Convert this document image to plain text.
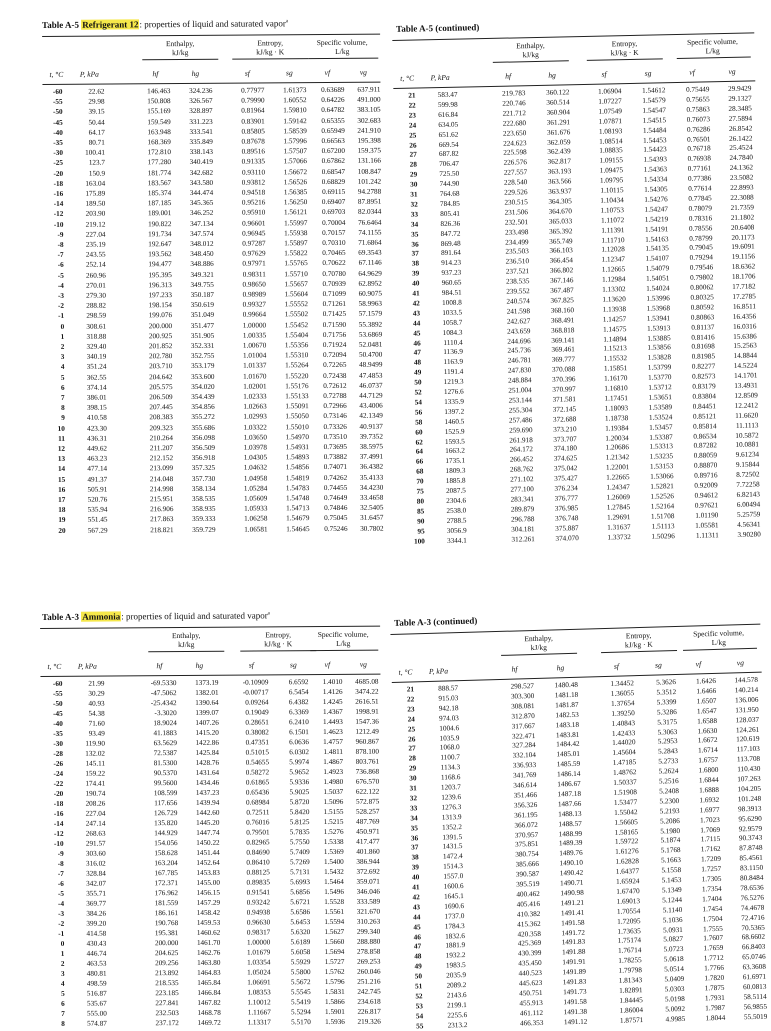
Table A-5 Refrigerant 12: properties of liquid and saturated vapor$^a$
Enthalpy,
kJ/kg
Entropy,
kJ/kg · K
Specific volume,
L/kg
t, °C	P, kPa	hf	hg	sf	sg	vf	vg
-60	22.62	146.463	324.236	0.77977	1.61373	0.63689	637.911
-55	29.98	150.808	326.567	0.79990	1.60552	0.64226	491.000
-50	39.15	155.169	328.897	0.81964	1.59810	0.64782	383.105
-45	50.44	159.549	331.223	0.83901	1.59142	0.65355	302.683
-40	64.17	163.948	333.541	0.85805	1.58539	0.65949	241.910
-35	80.71	168.369	335.849	0.87678	1.57996	0.66563	195.398
-30	100.41	172.810	338.143	0.89516	1.57507	0.67200	159.375
-25	123.7	177.280	340.419	0.91335	1.57066	0.67862	131.166
-20	150.9	181.774	342.682	0.93110	1.56672	0.68547	108.847
-18	163.04	183.567	343.580	0.93812	1.56526	0.68829	101.242
-16	175.89	185.374	344.474	0.94518	1.56385	0.69115	94.2788
-14	189.50	187.185	345.365	0.95216	1.56250	0.69407	87.8951
-12	203.90	189.001	346.252	0.95910	1.56121	0.69703	82.0344
-10	219.12	190.822	347.134	0.96601	1.55997	0.70004	76.6464
-9	227.04	191.734	347.574	0.96945	1.55938	0.70157	74.1155
-8	235.19	192.647	348.012	0.97287	1.55897	0.70310	71.6864
-7	243.55	193.562	348.450	0.97629	1.55822	0.70465	69.3543
-6	252.14	194.477	348.886	0.97971	1.55765	0.70622	67.1146
-5	260.96	195.395	349.321	0.98311	1.55710	0.70780	64.9629
-4	270.01	196.313	349.755	0.98650	1.55657	0.70939	62.8952
-3	279.30	197.233	350.187	0.98989	1.55604	0.71099	60.9075
-2	288.82	198.154	350.619	0.99327	1.55552	0.71261	58.9963
-1	298.59	199.076	351.049	0.99664	1.55502	0.71425	57.1579
0	308.61	200.000	351.477	1.00000	1.55452	0.71590	55.3892
1	318.88	200.925	351.905	1.00335	1.55404	0.71756	53.6869
2	329.40	201.852	352.331	1.00670	1.55356	0.71924	52.0481
3	340.19	202.780	352.755	1.01004	1.55310	0.72094	50.4700
4	351.24	203.710	353.179	1.01337	1.55264	0.72265	48.9499
5	362.55	204.642	353.600	1.01670	1.55220	0.72438	47.4853
6	374.14	205.575	354.020	1.02001	1.55176	0.72612	46.0737
7	386.01	206.509	354.439	1.02333	1.55133	0.72788	44.7129
8	398.15	207.445	354.856	1.02663	1.55091	0.72966	43.4006
9	410.58	208.383	355.272	1.02993	1.55050	0.73146	42.1349
10	423.30	209.323	355.686	1.03322	1.55010	0.73326	40.9137
11	436.31	210.264	356.098	1.03650	1.54970	0.73510	39.7352
12	449.62	211.207	356.509	1.03978	1.54931	0.73695	38.5975
13	463.23	212.152	356.918	1.04305	1.54893	0.73882	37.4991
14	477.14	213.099	357.325	1.04632	1.54856	0.74071	36.4382
15	491.37	214.048	357.730	1.04958	1.54819	0.74262	35.4133
16	505.91	214.998	358.134	1.05284	1.54783	0.74455	34.4230
17	520.76	215.951	358.535	1.05609	1.54748	0.74649	33.4658
18	535.94	216.906	358.935	1.05933	1.54713	0.74846	32.5405
19	551.45	217.863	359.333	1.06258	1.54679	0.75045	31.6457
20	567.29	218.821	359.729	1.06581	1.54645	0.75246	30.7802
Table A-5 (continued)
Enthalpy,
kJ/kg
Entropy,
kJ/kg · K
Specific volume,
L/kg
t, °C	P, kPa	hf	hg	sf	sg	vf	vg
21	583.47	219.783	360.122	1.06904	1.54612	0.75449	29.9429
22	599.98	220.746	360.514	1.07227	1.54579	0.75655	29.1327
23	616.84	221.712	360.904	1.07549	1.54547	0.75863	28.3485
24	634.05	222.680	361.291	1.07871	1.54515	0.76073	27.5894
25	651.62	223.650	361.676	1.08193	1.54484	0.76286	26.8542
26	669.54	224.623	362.059	1.08514	1.54453	0.76501	26.1422
27	687.82	225.598	362.439	1.08835	1.54423	0.76718	25.4524
28	706.47	226.576	362.817	1.09155	1.54393	0.76938	24.7840
29	725.50	227.557	363.193	1.09475	1.54363	0.77161	24.1362
30	744.90	228.540	363.566	1.09795	1.54334	0.77386	23.5082
31	764.68	229.526	363.937	1.10115	1.54305	0.77614	22.8993
32	784.85	230.515	364.305	1.10434	1.54276	0.77845	22.3088
33	805.41	231.506	364.670	1.10753	1.54247	0.78079	21.7359
34	826.36	232.501	365.033	1.11072	1.54219	0.78316	21.1802
35	847.72	233.498	365.392	1.11391	1.54191	0.78556	20.6408
36	869.48	234.499	365.749	1.11710	1.54163	0.78799	20.1173
37	891.64	235.503	366.103	1.12028	1.54135	0.79045	19.6091
38	914.23	236.510	366.454	1.12347	1.54107	0.79294	19.1156
39	937.23	237.521	366.802	1.12665	1.54079	0.79546	18.6362
40	960.65	238.535	367.146	1.12984	1.54051	0.79802	18.1706
41	984.51	239.552	367.487	1.13302	1.54024	0.80062	17.7182
42	1008.8	240.574	367.825	1.13620	1.53996	0.80325	17.2785
43	1033.5	241.598	368.160	1.13938	1.53968	0.80592	16.8511
44	1058.7	242.627	368.491	1.14257	1.53941	0.80863	16.4356
45	1084.3	243.659	368.818	1.14575	1.53913	0.81137	16.0316
46	1110.4	244.696	369.141	1.14894	1.53885	0.81416	15.6386
47	1136.9	245.736	369.461	1.15213	1.53856	0.81698	15.2563
48	1163.9	246.781	369.777	1.15532	1.53828	0.81985	14.8844
49	1191.4	247.830	370.088	1.15851	1.53799	0.82277	14.5224
50	1219.3	248.884	370.396	1.16170	1.53770	0.82573	14.1701
52	1276.6	251.004	370.997	1.16810	1.53712	0.83179	13.4931
54	1335.9	253.144	371.581	1.17451	1.53651	0.83804	12.8509
56	1397.2	255.304	372.145	1.18093	1.53589	0.84451	12.2412
58	1460.5	257.486	372.688	1.18738	1.53524	0.85121	11.6620
60	1525.9	259.690	373.210	1.19384	1.53457	0.85814	11.1113
62	1593.5	261.918	373.707	1.20034	1.53387	0.86534	10.5872
64	1663.2	264.172	374.180	1.20686	1.53313	0.87282	10.0881
66	1735.1	266.452	374.625	1.21342	1.53235	0.88059	9.61234
68	1809.3	268.762	375.042	1.22001	1.53153	0.88870	9.15844
70	1885.8	271.102	375.427	1.22665	1.53066	0.89716	8.72502
75	2087.5	277.100	376.234	1.24347	1.52821	0.92009	7.72258
80	2304.6	283.341	376.777	1.26069	1.52526	0.94612	6.82143
85	2538.0	289.879	376.985	1.27845	1.52164	0.97621	6.00494
90	2788.5	296.788	376.748	1.29691	1.51708	1.01190	5.25759
95	3056.9	304.181	375.887	1.31637	1.51113	1.05581	4.56341
100	3344.1	312.261	374.070	1.33732	1.50296	1.11311	3.90280
Table A-3 Ammonia: properties of liquid and saturated vapor$^a$
Enthalpy,
kJ/kg
Entropy,
kJ/kg · K
Specific volume,
L/kg
t, °C	P, kPa	hf	hg	sf	sg	vf	vg
-60	21.99	-69.5330	1373.19	-0.10909	6.6592	1.4010	4685.08
-55	30.29	-47.5062	1382.01	-0.00717	6.5454	1.4126	3474.22
-50	40.93	-25.4342	1390.64	0.09264	6.4382	1.4245	2616.51
-45	54.38	-3.3020	1399.07	0.19049	6.3369	1.4367	1998.91
-40	71.60	18.9024	1407.26	0.28651	6.2410	1.4493	1547.36
-35	93.49	41.1883	1415.20	0.38082	6.1501	1.4623	1212.49
-30	119.90	63.5629	1422.86	0.47351	6.0636	1.4757	960.867
-28	132.02	72.5387	1425.84	0.51015	6.0302	1.4811	878.100
-26	145.11	81.5300	1428.76	0.54655	5.9974	1.4867	803.761
-24	159.22	90.5370	1431.64	0.58272	5.9652	1.4923	736.868
-22	174.41	99.5600	1434.46	0.61865	5.9336	1.4980	676.570
-20	190.74	108.599	1437.23	0.65436	5.9025	1.5037	622.122
-18	208.26	117.656	1439.94	0.68984	5.8720	1.5096	572.875
-16	227.04	126.729	1442.60	0.72511	5.8420	1.5155	528.257
-14	247.14	135.820	1445.20	0.76016	5.8125	1.5215	487.769
-12	268.63	144.929	1447.74	0.79501	5.7835	1.5276	450.971
-10	291.57	154.056	1450.22	0.82965	5.7550	1.5338	417.477
-9	303.60	158.628	1451.44	0.84690	5.7409	1.5369	401.860
-8	316.02	163.204	1452.64	0.86410	5.7269	1.5400	386.944
-7	328.84	167.785	1453.83	0.88125	5.7131	1.5432	372.692
-6	342.07	172.371	1455.00	0.89835	5.6993	1.5464	359.071
-5	355.71	176.962	1456.15	0.91541	5.6856	1.5496	346.046
-4	369.77	181.559	1457.29	0.93242	5.6721	1.5528	333.589
-3	384.26	186.161	1458.42	0.94938	5.6586	1.5561	321.670
-2	399.20	190.768	1459.53	0.96630	5.6453	1.5594	310.263
-1	414.58	195.381	1460.62	0.98317	5.6320	1.5627	299.340
0	430.43	200.000	1461.70	1.00000	5.6189	1.5660	288.880
1	446.74	204.625	1462.76	1.01679	5.6058	1.5694	278.858
2	463.53	209.256	1463.80	1.03354	5.5929	1.5727	269.253
3	480.81	213.892	1464.83	1.05024	5.5800	1.5762	260.046
4	498.59	218.535	1465.84	1.06691	5.5672	1.5796	251.216
5	516.87	223.185	1466.84	1.08353	5.5545	1.5831	242.745
6	535.67	227.841	1467.82	1.10012	5.5419	1.5866	234.618
7	555.00	232.503	1468.78	1.11667	5.5294	1.5901	226.817
8	574.87	237.172	1469.72	1.13317	5.5170	1.5936	219.326
Table A-3 (continued)
Enthalpy,
kJ/kg
Entropy,
kJ/kg · K
Specific volume,
L/kg
t, °C	P, kPa	hf	hg	sf	sg	vf	vg
21	888.57	298.527	1480.48	1.34452	5.3626	1.6426	144.578
22	915.03	303.300	1481.18	1.36055	5.3512	1.6466	140.214
23	942.18	308.081	1481.87	1.37654	5.3399	1.6507	136.006
24	974.03	312.870	1482.53	1.39250	5.3286	1.6547	131.950
25	1004.6	317.667	1483.18	1.40843	5.3175	1.6588	128.037
26	1035.9	322.471	1483.81	1.42433	5.3063	1.6630	124.261
27	1068.0	327.284	1484.42	1.44020	5.2953	1.6672	120.619
28	1100.7	332.104	1485.01	1.45604	5.2843	1.6714	117.103
29	1134.3	336.933	1485.59	1.47185	5.2733	1.6757	113.708
30	1168.6	341.769	1486.14	1.48762	5.2624	1.6800	110.430
31	1203.7	346.614	1486.67	1.50337	5.2516	1.6844	107.263
32	1239.6	351.466	1487.18	1.51908	5.2408	1.6888	104.205
33	1276.3	356.326	1487.66	1.53477	5.2300	1.6932	101.248
34	1313.9	361.195	1488.13	1.55042	5.2193	1.6977	98.3913
35	1352.2	366.072	1488.57	1.56605	5.2086	1.7023	95.6290
36	1391.5	370.957	1488.99	1.58165	5.1980	1.7069	92.9579
37	1431.5	375.851	1489.39	1.59722	5.1874	1.7115	90.3743
38	1472.4	380.754	1489.76	1.61276	5.1768	1.7162	87.8748
39	1514.3	385.666	1490.10	1.62828	5.1663	1.7209	85.4561
40	1557.0	390.587	1490.42	1.64377	5.1558	1.7257	83.1150
41	1600.6	395.519	1490.71	1.65924	5.1453	1.7305	80.8484
42	1645.1	400.462	1490.98	1.67470	5.1349	1.7354	78.6536
43	1690.6	405.416	1491.21	1.69013	5.1244	1.7404	76.5276
44	1737.0	410.382	1491.41	1.70554	5.1140	1.7454	74.4678
45	1784.3	415.362	1491.58	1.72095	5.1036	1.7504	72.4716
46	1832.6	420.358	1491.72	1.73635	5.0931	1.7555	70.5365
47	1881.9	425.369	1491.83	1.75174	5.0827	1.7607	68.6602
48	1932.2	430.399	1491.88	1.76714	5.0723	1.7659	66.8403
49	1983.5	435.450	1491.91	1.78255	5.0618	1.7712	65.0746
50	2035.9	440.523	1491.89	1.79798	5.0514	1.7766	63.3608
51	2089.2	445.623	1491.83	1.81343	5.0409	1.7820	61.6971
52	2143.6	450.751	1491.73	1.82891	5.0303	1.7875	60.0813
53	2199.1	455.913	1491.58	1.84445	5.0198	1.7931	58.5114
54	2255.6	461.112	1491.38	1.86004	5.0092	1.7987	56.9855
55	2313.2	466.353	1491.12	1.87571	4.9985	1.8044	55.5019
